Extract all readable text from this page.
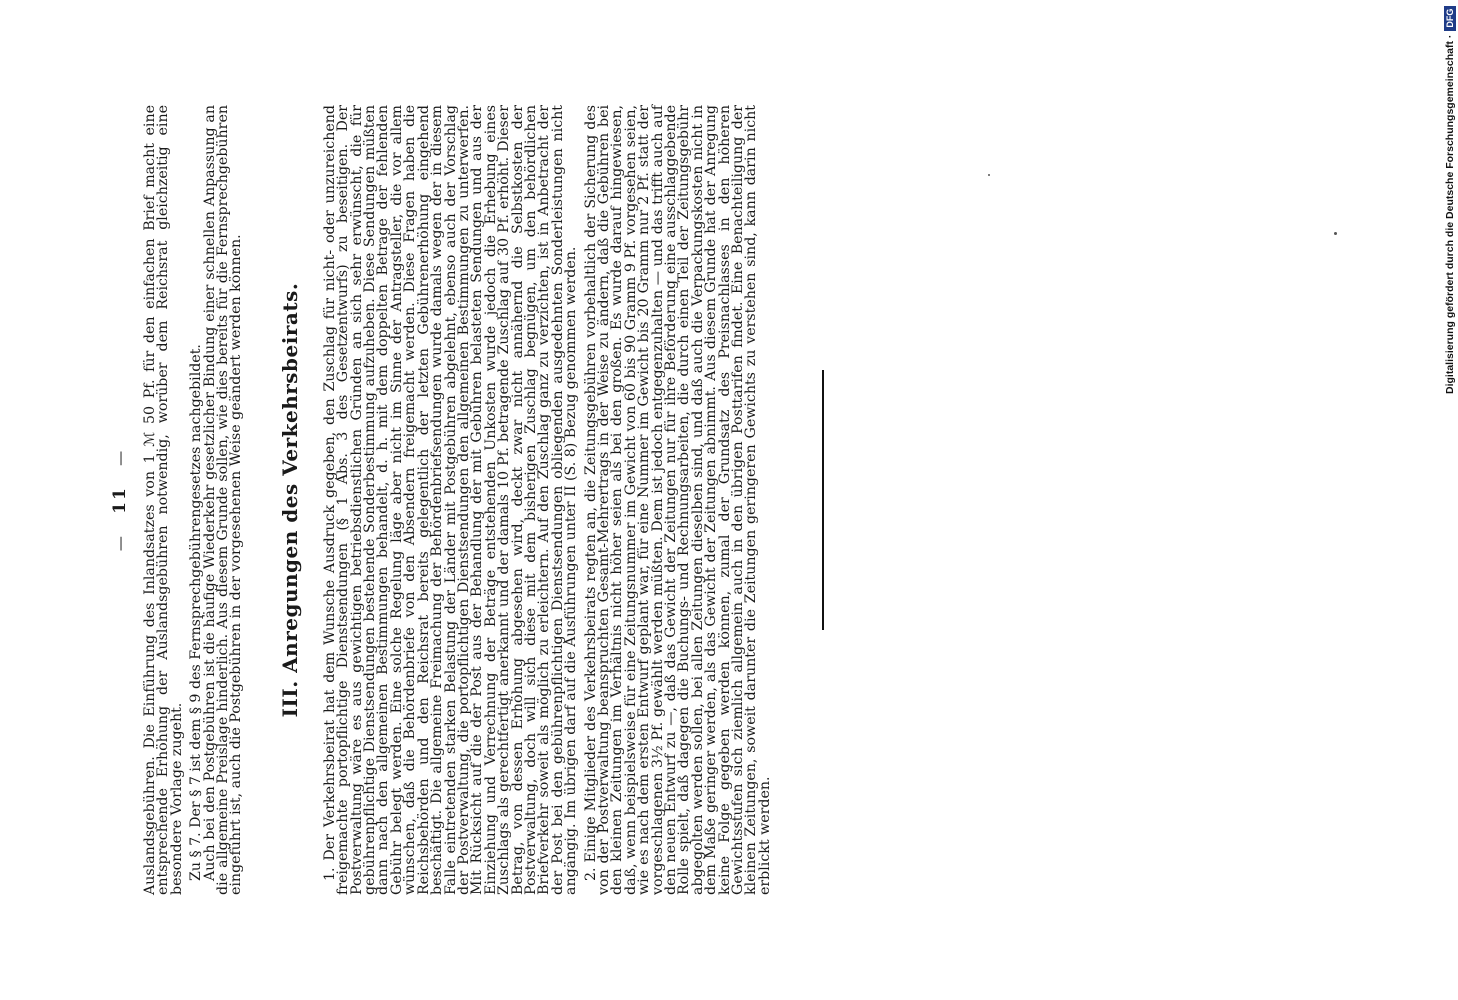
—   11   — Auslandsgebühren. Die Einführung des Inlandsatzes von 1 ℳ 50 Pf. für den einfachen Brief macht eine entsprechende Erhöhung der Auslandsgebühren notwendig, worüber dem Reichsrat gleichzeitig eine besondere Vorlage zugeht. Zu § 7. Der § 7 ist dem § 9 des Fernsprechgebührengesetzes nachgebildet.

Auch bei den Postgebühren ist die häufige Wiederkehr gesetzlicher Bindung einer schnellen Anpassung an die allgemeine Preislage hinderlich. Aus diesem Grunde sollen, wie dies bereits für die Fernsprechgebühren eingeführt ist, auch die Postgebühren in der vorgesehenen Weise geändert werden können. III. Anregungen des Verkehrsbeirats. 1. Der Verkehrsbeirat hat dem Wunsche Ausdruck gegeben, den Zuschlag für nicht- oder unzureichend freigemachte portopflichtige Dienstsendungen (§ 1 Abs. 3 des Gesetzentwurfs) zu beseitigen. Der Postverwaltung wäre es aus gewichtigen betriebsdienstlichen Gründen an sich sehr erwünscht, die für gebührenpflichtige Dienstsendungen bestehende Sonderbestimmung aufzuheben. Diese Sendungen müßten dann nach den allgemeinen Bestimmungen behandelt, d. h. mit dem doppelten Betrage der fehlenden Gebühr belegt werden. Eine solche Regelung läge aber nicht im Sinne der Antragsteller, die vor allem wünschen, daß die Behördenbriefe von den Absendern freigemacht werden. Diese Fragen haben die Reichsbehörden und den Reichsrat bereits gelegentlich der letzten Gebührenerhöhung eingehend beschäftigt. Die allgemeine Freimachung der Behördenbriefsendungen wurde damals wegen der in diesem Falle eintretenden starken Belastung der Länder mit Postgebühren abgelehnt, ebenso auch der Vorschlag der Postverwaltung, die portopflichtigen Dienstsendungen den allgemeinen Bestimmungen zu unterwerfen. Mit Rücksicht auf die der Post aus der Behandlung der mit Gebühren belasteten Sendungen und aus der Einziehung und Verrechnung der Beträge entstehenden Unkosten wurde jedoch die Erhebung eines Zuschlags als gerechtfertigt anerkannt und der damals 10 Pf. betragende Zuschlag auf 30 Pf. erhöht. Dieser Betrag, von dessen Erhöhung abgesehen wird, deckt zwar nicht annähernd die Selbstkosten der Postverwaltung, doch will sich diese mit dem bisherigen Zuschlag begnügen, um den behördlichen Briefverkehr soweit als möglich zu erleichtern. Auf den Zuschlag ganz zu verzichten, ist in Anbetracht der der Post bei den gebührenpflichtigen Dienstsendungen obliegenden ausgedehnten Sonderleistungen nicht angängig. Im übrigen darf auf die Ausführungen unter II (S. 8) Bezug genommen werden. 2. Einige Mitglieder des Verkehrsbeirats regten an, die Zeitungsgebühren vorbehaltlich der Sicherung des von der Postverwaltung beanspruchten Gesamt-Mehrertrags in der Weise zu ändern, daß die Gebühren bei den kleinen Zeitungen im Verhältnis nicht höher seien als bei den großen. Es wurde darauf hingewiesen, daß, wenn beispielsweise für eine Zeitungsnummer im Gewicht von 60 bis 90 Gramm 9 Pf. vorgesehen seien, wie es nach dem ersten Entwurf geplant war, für eine Nummer im Gewicht bis 20 Gramm nur 2 Pf. statt der vorgeschlagenen 3½ Pf. gewählt werden müßten. Dem ist jedoch entgegenzuhalten — und das trifft auch auf den neuen Entwurf zu —, daß das Gewicht der Zeitungen nur für ihre Beförderung eine ausschlaggebende Rolle spielt, daß dagegen die Buchungs- und Rechnungsarbeiten, die durch einen Teil der Zeitungsgebühr abgegolten werden sollen, bei allen Zeitungen dieselben sind, und daß auch die Verpackungskosten nicht in dem Maße geringer werden, als das Gewicht der Zeitungen abnimmt. Aus diesem Grunde hat der Anregung keine Folge gegeben werden können, zumal der Grundsatz des Preisnachlasses in den höheren Gewichtsstufen sich ziemlich allgemein auch in den übrigen Posttarifen findet. Eine Benachteiligung der kleinen Zeitungen, soweit darunter die Zeitungen geringeren Gewichts zu verstehen sind, kann darin nicht erblickt werden.

Digitalisierung gefördert durch die Deutsche Forschungsgemeinschaft ·
DFG
